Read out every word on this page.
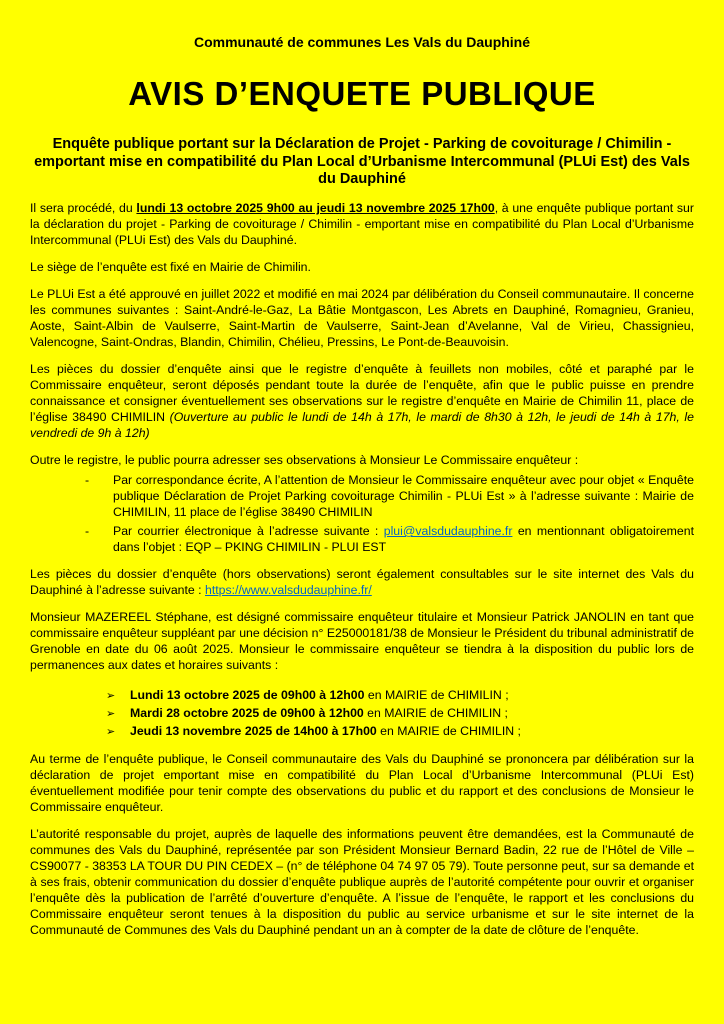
Communauté de communes Les Vals du Dauphiné
AVIS D’ENQUETE PUBLIQUE
Enquête publique portant sur la Déclaration de Projet - Parking de covoiturage / Chimilin - emportant mise en compatibilité du Plan Local d’Urbanisme Intercommunal (PLUi Est) des Vals du Dauphiné

Il sera procédé, du lundi 13 octobre 2025 9h00 au jeudi 13 novembre 2025 17h00, à une enquête publique portant sur la déclaration du projet - Parking de covoiturage / Chimilin - emportant mise en compatibilité du Plan Local d’Urbanisme Intercommunal (PLUi Est) des Vals du Dauphiné.

Le siège de l’enquête est fixé en Mairie de Chimilin.

Le PLUi Est a été approuvé en juillet 2022 et modifié en mai 2024 par délibération du Conseil communautaire. Il concerne les communes suivantes : Saint-André-le-Gaz, La Bâtie Montgascon, Les Abrets en Dauphiné, Romagnieu, Granieu, Aoste, Saint-Albin de Vaulserre, Saint-Martin de Vaulserre, Saint-Jean d’Avelanne, Val de Virieu, Chassignieu, Valencogne, Saint-Ondras, Blandin, Chimilin, Chélieu, Pressins, Le Pont-de-Beauvoisin.

Les pièces du dossier d’enquête ainsi que le registre d’enquête à feuillets non mobiles, côté et paraphé par le Commissaire enquêteur, seront déposés pendant toute la durée de l’enquête, afin que le public puisse en prendre connaissance et consigner éventuellement ses observations sur le registre d’enquête en Mairie de Chimilin 11, place de l’église 38490 CHIMILIN (Ouverture au public le lundi de 14h à 17h, le mardi de 8h30 à 12h, le jeudi de 14h à 17h, le vendredi de 9h à 12h)

Outre le registre, le public pourra adresser ses observations à Monsieur Le Commissaire enquêteur :

-	Par correspondance écrite, A l’attention de Monsieur le Commissaire enquêteur avec pour objet « Enquête publique Déclaration de Projet Parking covoiturage Chimilin - PLUi Est » à l’adresse suivante : Mairie de CHIMILIN, 11 place de l’église 38490 CHIMILIN
-	Par courrier électronique à l’adresse suivante : plui@valsdudauphine.fr en mentionnant obligatoirement dans l’objet : EQP – PKING CHIMILIN - PLUI EST

Les pièces du dossier d’enquête (hors observations) seront également consultables sur le site internet des Vals du Dauphiné à l’adresse suivante : https://www.valsdudauphine.fr/

Monsieur MAZEREEL Stéphane, est désigné commissaire enquêteur titulaire et Monsieur Patrick JANOLIN en tant que commissaire enquêteur suppléant par une décision n° E25000181/38 de Monsieur le Président du tribunal administratif de Grenoble en date du 06 août 2025. Monsieur le commissaire enquêteur se tiendra à la disposition du public lors de permanences aux dates et horaires suivants :

➢	Lundi 13 octobre 2025 de 09h00 à 12h00 en MAIRIE de CHIMILIN ;
➢	Mardi 28 octobre 2025 de 09h00 à 12h00 en MAIRIE de CHIMILIN ;
➢	Jeudi 13 novembre 2025 de 14h00 à 17h00 en MAIRIE de CHIMILIN ;

Au terme de l’enquête publique, le Conseil communautaire des Vals du Dauphiné se prononcera par délibération sur la déclaration de projet emportant mise en compatibilité du Plan Local d’Urbanisme Intercommunal (PLUi Est) éventuellement modifiée pour tenir compte des observations du public et du rapport et des conclusions de Monsieur le Commissaire enquêteur.

L’autorité responsable du projet, auprès de laquelle des informations peuvent être demandées, est la Communauté de communes des Vals du Dauphiné, représentée par son Président Monsieur Bernard Badin, 22 rue de l’Hôtel de Ville – CS90077 - 38353 LA TOUR DU PIN CEDEX – (n° de téléphone 04 74 97 05 79). Toute personne peut, sur sa demande et à ses frais, obtenir communication du dossier d’enquête publique auprès de l’autorité compétente pour ouvrir et organiser l’enquête dès la publication de l’arrêté d’ouverture d’enquête. A l’issue de l’enquête, le rapport et les conclusions du Commissaire enquêteur seront tenues à la disposition du public au service urbanisme et sur le site internet de la Communauté de Communes des Vals du Dauphiné pendant un an à compter de la date de clôture de l’enquête.
